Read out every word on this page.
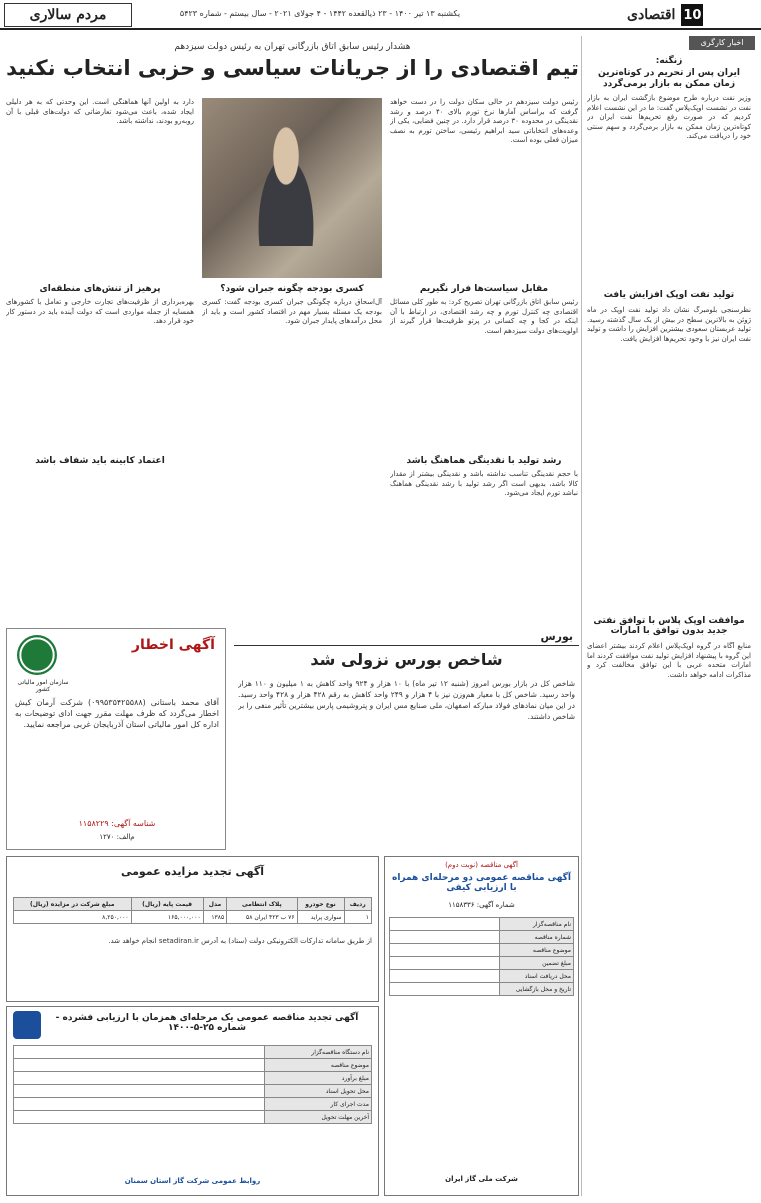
مردم سالاری	یکشنبه ۱۳ تیر ۱۴۰۰ - ۲۳ ذیالقعده ۱۴۴۲ - ۴ جولای ۲۰۲۱ - سال بیستم - شماره ۵۴۲۳	10
اقتصادی
اخبار کارگری
زنگنه:
ایران پس از تحریم در کوتاه‌ترین زمان ممکن به بازار برمی‌گردد
وزیر نفت درباره طرح موضوع بازگشت ایران به بازار نفت در نشست اوپک‌پلاس گفت: ما در این نشست اعلام کردیم که در صورت رفع تحریم‌ها نفت ایران در کوتاه‌ترین زمان ممکن به بازار برمی‌گردد و سهم سنتی خود را دریافت می‌کند.
تولید نفت اوپک افزایش یافت
نظرسنجی بلومبرگ نشان داد تولید نفت اوپک در ماه ژوئن به بالاترین سطح در بیش از یک سال گذشته رسید. تولید عربستان سعودی بیشترین افزایش را داشت و تولید نفت ایران نیز با وجود تحریم‌ها افزایش یافت.
موافقت اوپک پلاس با توافق نفتی جدید بدون توافق با امارات
منابع آگاه در گروه اوپک‌پلاس اعلام کردند بیشتر اعضای این گروه با پیشنهاد افزایش تولید نفت موافقت کردند اما امارات متحده عربی با این توافق مخالفت کرد و مذاکرات ادامه خواهد داشت.
هشدار رئیس سابق اتاق بازرگانی تهران به رئیس دولت سیزدهم
تیم اقتصادی را از جریانات سیاسی و حزبی انتخاب نکنید
رئیس دولت سیزدهم در حالی سکان دولت را در دست خواهد گرفت که براساس آمارها نرخ تورم بالای ۴۰ درصد و رشد نقدینگی در محدوده ۳۰ درصد قرار دارد. در چنین فضایی، یکی از وعده‌های انتخاباتی سید ابراهیم رئیسی، ساختن تورم به نصف میزان فعلی بوده است.
دارد به اولین آنها هماهنگی است. این وحدتی که به هر دلیلی ایجاد شده، باعث می‌شود تعارضاتی که دولت‌های قبلی با آن روبه‌رو بودند، نداشته باشد.
مقابل سیاست‌ها فرار نگیریم
رئیس سابق اتاق بازرگانی تهران تصریح کرد: به طور کلی مسائل اقتصادی چه کنترل تورم و چه رشد اقتصادی، در ارتباط با آن اینکه در کجا و چه کسانی در پرتو ظرفیت‌ها قرار گیرند از اولویت‌های دولت سیزدهم است.
رشد تولید با نقدینگی هماهنگ باشد
با حجم نقدینگی تناسب نداشته باشد و نقدینگی بیشتر از مقدار کالا باشد، بدیهی است اگر رشد تولید با رشد نقدینگی هماهنگ نباشد تورم ایجاد می‌شود.
کسری بودجه چگونه جبران شود؟
آل‌اسحاق درباره چگونگی جبران کسری بودجه گفت: کسری بودجه یک مسئله بسیار مهم در اقتصاد کشور است و باید از محل درآمدهای پایدار جبران شود.
پرهیز از تنش‌های منطقه‌ای
بهره‌برداری از ظرفیت‌های تجارت خارجی و تعامل با کشورهای همسایه از جمله مواردی است که دولت آینده باید در دستور کار خود قرار دهد.
اعتماد کابینه باید شفاف باشد
آگهی اخطار
سازمان امور مالیاتی کشور
آقای محمد باستانی (۰۹۹۵۳۵۴۲۵۵۸۸) شرکت آرمان کیش اخطار می‌گردد که ظرف مهلت مقرر جهت ادای توضیحات به اداره کل امور مالیاتی استان آذربایجان غربی مراجعه نمایید.
شناسه آگهی: ۱۱۵۸۲۲۹
م‌الف: ۱۲۷۰
بورس
شاخص بورس نزولی شد
شاخص کل در بازار بورس امروز (شنبه ۱۲ تیر ماه) با ۱۰ هزار و ۹۲۴ واحد کاهش به ۱ میلیون و ۱۱۰ هزار واحد رسید. شاخص کل با معیار هم‌وزن نیز با ۴ هزار و ۲۴۹ واحد کاهش به رقم ۴۲۸ هزار و ۴۲۸ واحد رسید. در این میان نمادهای فولاد مبارکه اصفهان، ملی صنایع مس ایران و پتروشیمی پارس بیشترین تأثیر منفی را بر شاخص داشتند.
آگهی تجدید مزایده عمومی
ردیف	نوع خودرو	پلاک انتظامی	مدل	قیمت پایه (ریال)	مبلغ شرکت در مزایده (ریال)
۱	سواری پراید	۷۶ ب ۴۲۳ ایران ۵۸	۱۳۸۵	۱۶۵,۰۰۰,۰۰۰	۸,۲۵۰,۰۰۰
از طریق سامانه تدارکات الکترونیکی دولت (ستاد) به آدرس setadiran.ir انجام خواهد شد.
آگهی تجدید مناقصه عمومی یک مرحله‌ای همزمان با ارزیابی فشرده - شماره ۲۵-۵-۱۴۰۰
نام دستگاه مناقصه‌گزار	
موضوع مناقصه	
مبلغ برآورد	
محل تحویل اسناد	
مدت اجرای کار	
آخرین مهلت تحویل	
روابط عمومی شرکت گاز استان سمنان
آگهی مناقصه (نوبت دوم)
آگهی مناقصه عمومی دو مرحله‌ای همراه با ارزیابی کیفی
شماره آگهی: ۱۱۵۸۳۳۶
نام مناقصه‌گزار	
شماره مناقصه	
موضوع مناقصه	
مبلغ تضمین	
محل دریافت اسناد	
تاریخ و محل بازگشایی	
شرکت ملی گاز ایران
